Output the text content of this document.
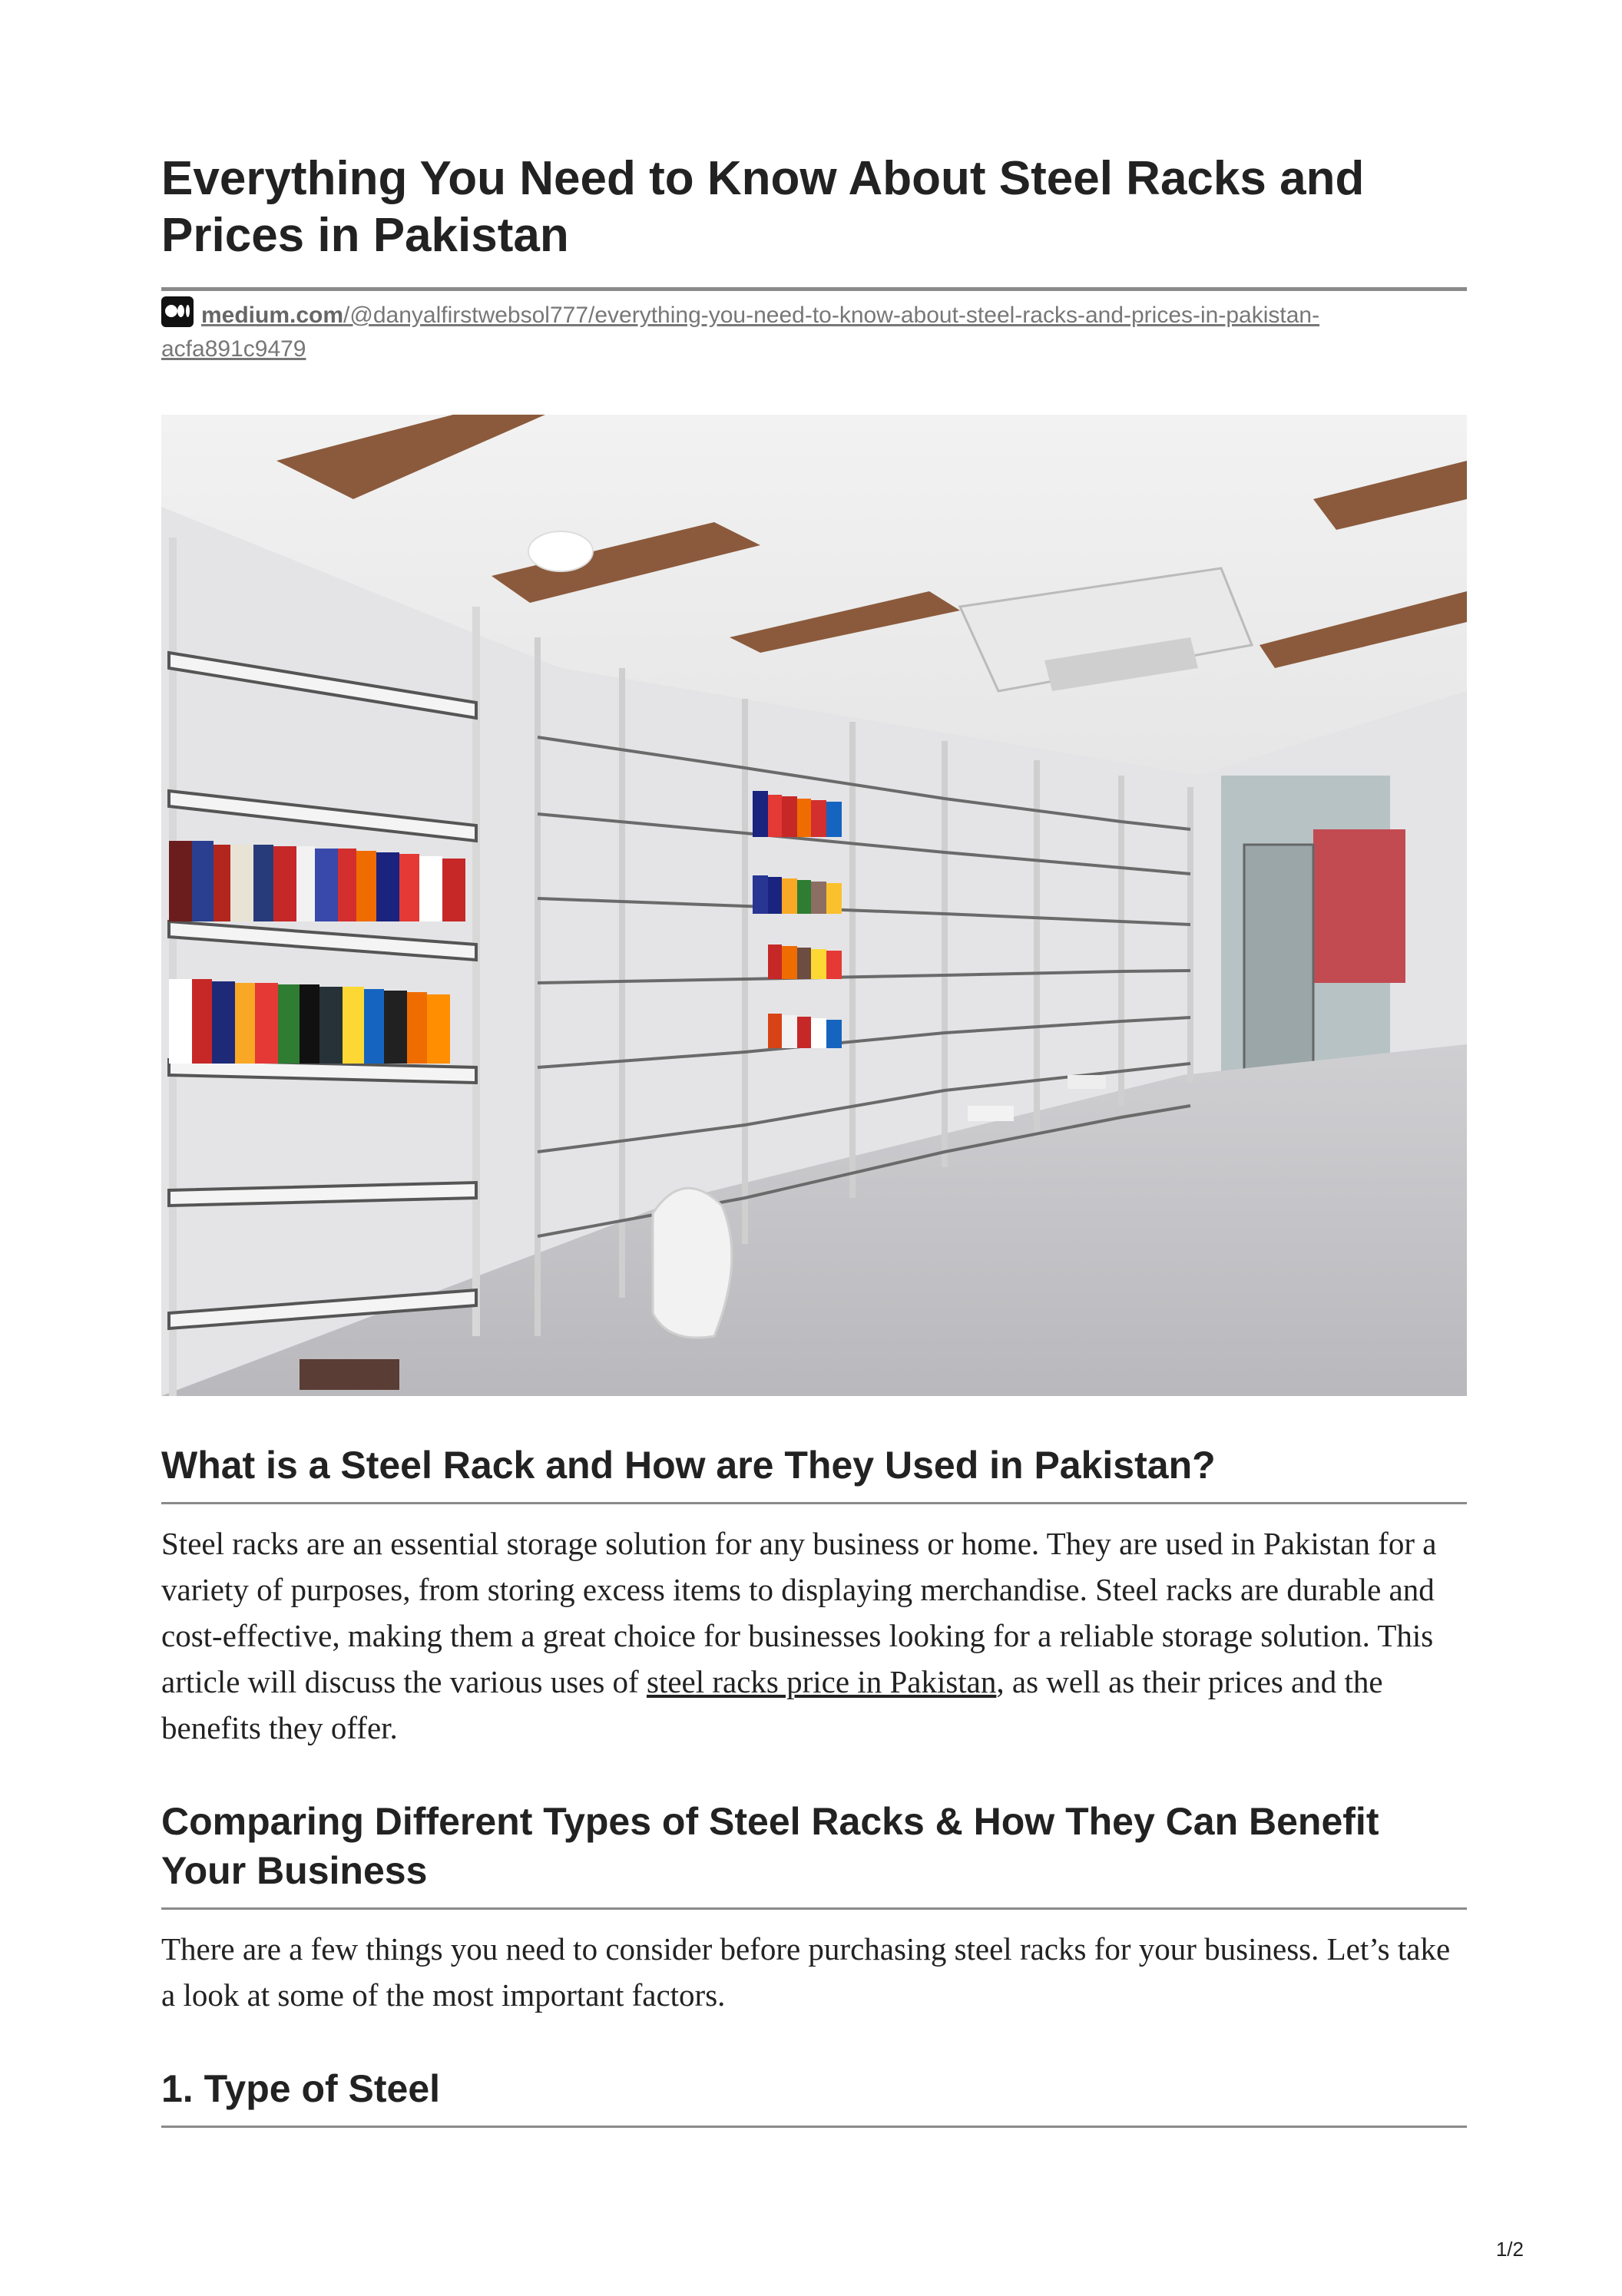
Everything You Need to Know About Steel Racks and Prices in Pakistan
medium.com/@danyalfirstwebsol777/everything-you-need-to-know-about-steel-racks-and-prices-in-pakistan-
acfa891c9479
What is a Steel Rack and How are They Used in Pakistan?

Steel racks are an essential storage solution for any business or home. They are used in Pakistan for a variety of purposes, from storing excess items to displaying merchandise. Steel racks are durable and cost-effective, making them a great choice for businesses looking for a reliable storage solution. This article will discuss the various uses of steel racks price in Pakistan, as well as their prices and the benefits they offer.

Comparing Different Types of Steel Racks & How They Can Benefit Your Business

There are a few things you need to consider before purchasing steel racks for your business. Let’s take a look at some of the most important factors.

1. Type of Steel
1/2
